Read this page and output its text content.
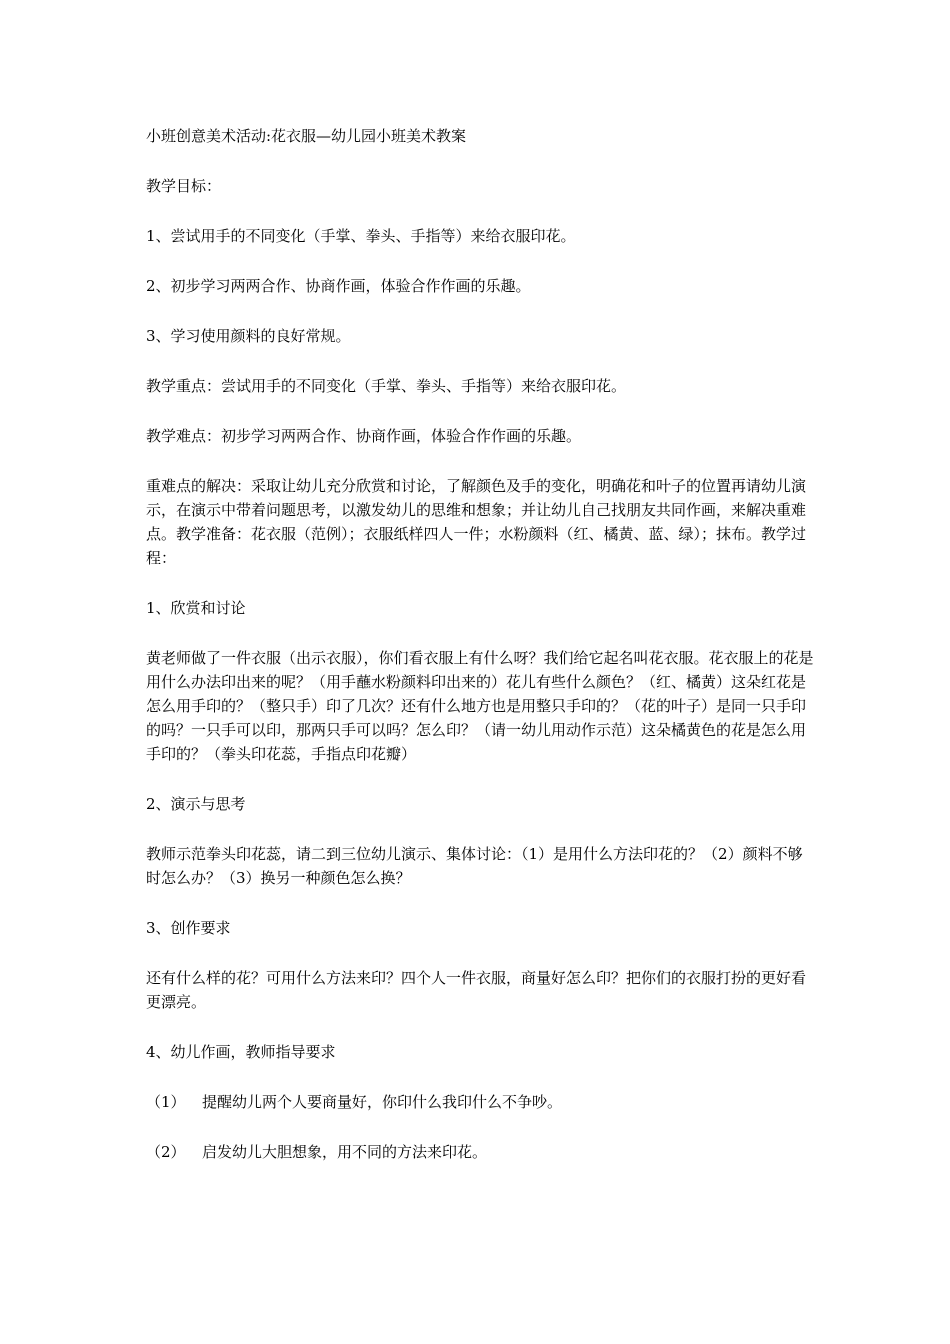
小班创意美术活动:花衣服—幼儿园小班美术教案

教学目标：

1、尝试用手的不同变化（手掌、拳头、手指等）来给衣服印花。

2、初步学习两两合作、协商作画，体验合作作画的乐趣。

3、学习使用颜料的良好常规。

教学重点：尝试用手的不同变化（手掌、拳头、手指等）来给衣服印花。

教学难点：初步学习两两合作、协商作画，体验合作作画的乐趣。

重难点的解决：采取让幼儿充分欣赏和讨论，了解颜色及手的变化，明确花和叶子的位置再请幼儿演示，在演示中带着问题思考，以激发幼儿的思维和想象；并让幼儿自己找朋友共同作画，来解决重难点。教学准备：花衣服（范例）；衣服纸样四人一件；水粉颜料（红、橘黄、蓝、绿）；抹布。教学过程：

1、欣赏和讨论

黄老师做了一件衣服（出示衣服），你们看衣服上有什么呀？我们给它起名叫花衣服。花衣服上的花是用什么办法印出来的呢？（用手蘸水粉颜料印出来的）花儿有些什么颜色？（红、橘黄）这朵红花是怎么用手印的？（整只手）印了几次？还有什么地方也是用整只手印的？（花的叶子）是同一只手印的吗？一只手可以印，那两只手可以吗？怎么印？（请一幼儿用动作示范）这朵橘黄色的花是怎么用手印的？（拳头印花蕊，手指点印花瓣）

2、演示与思考

教师示范拳头印花蕊，请二到三位幼儿演示、集体讨论：（1）是用什么方法印花的？（2）颜料不够时怎么办？（3）换另一种颜色怎么换？

3、创作要求

还有什么样的花？可用什么方法来印？四个人一件衣服，商量好怎么印？把你们的衣服打扮的更好看更漂亮。

4、幼儿作画，教师指导要求

（1）	提醒幼儿两个人要商量好，你印什么我印什么不争吵。
（2）	启发幼儿大胆想象，用不同的方法来印花。
